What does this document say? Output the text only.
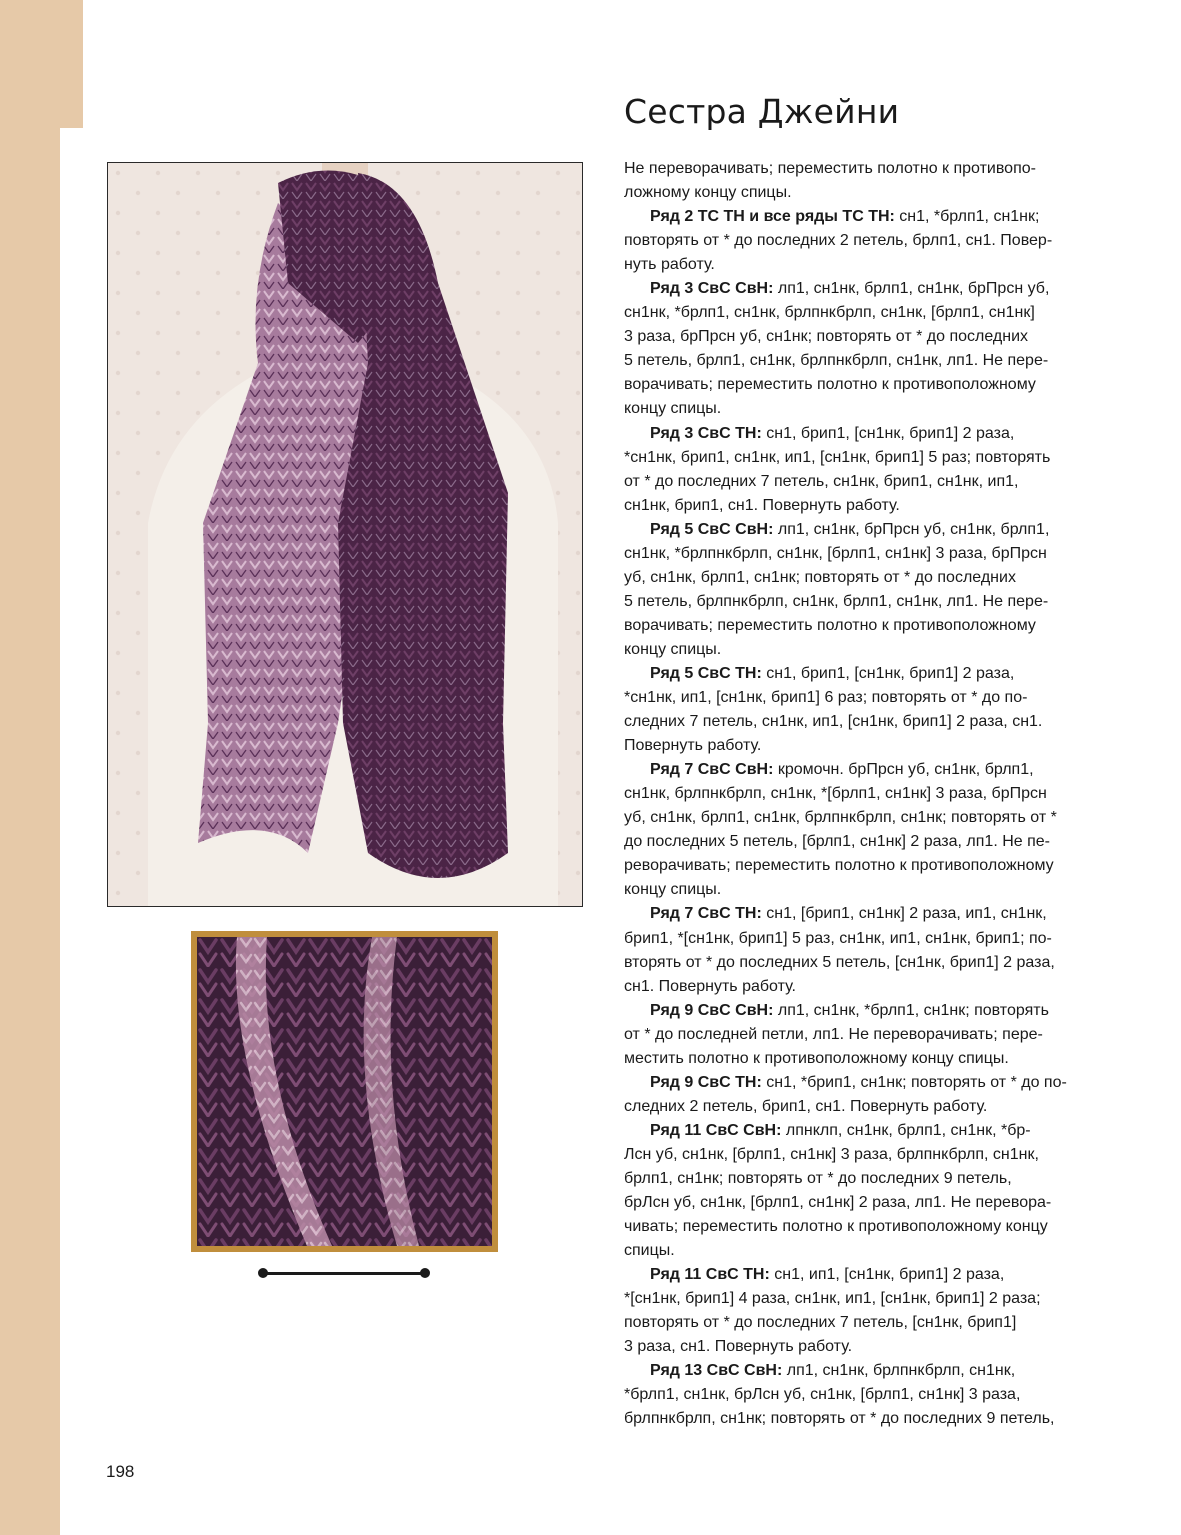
Сестра Джейни
Не переворачивать; переместить полотно к противопо-
ложному концу спицы.
Ряд 2 ТС ТН и все ряды ТС ТН: сн1, *брлп1, сн1нк;
повторять от * до последних 2 петель, брлп1, сн1. Повер-
нуть работу.
Ряд 3 СвС СвН: лп1, сн1нк, брлп1, сн1нк, брПрсн уб,
сн1нк, *брлп1, сн1нк, брлпнкбрлп, сн1нк, [брлп1, сн1нк]
3 раза, брПрсн уб, сн1нк; повторять от * до последних
5 петель, брлп1, сн1нк, брлпнкбрлп, сн1нк, лп1. Не пере-
ворачивать; переместить полотно к противоположному
концу спицы.
Ряд 3 СвС ТН: сн1, брип1, [сн1нк, брип1] 2 раза,
*сн1нк, брип1, сн1нк, ип1, [сн1нк, брип1] 5 раз; повторять
от * до последних 7 петель, сн1нк, брип1, сн1нк, ип1,
сн1нк, брип1, сн1. Повернуть работу.
Ряд 5 СвС СвН: лп1, сн1нк, брПрсн уб, сн1нк, брлп1,
сн1нк, *брлпнкбрлп, сн1нк, [брлп1, сн1нк] 3 раза, брПрсн
уб, сн1нк, брлп1, сн1нк; повторять от * до последних
5 петель, брлпнкбрлп, сн1нк, брлп1, сн1нк, лп1. Не пере-
ворачивать; переместить полотно к противоположному
концу спицы.
Ряд 5 СвС ТН: сн1, брип1, [сн1нк, брип1] 2 раза,
*сн1нк, ип1, [сн1нк, брип1] 6 раз; повторять от * до по-
следних 7 петель, сн1нк, ип1, [сн1нк, брип1] 2 раза, сн1.
Повернуть работу.
Ряд 7 СвС СвН: кромочн. брПрсн уб, сн1нк, брлп1,
сн1нк, брлпнкбрлп, сн1нк, *[брлп1, сн1нк] 3 раза, брПрсн
уб, сн1нк, брлп1, сн1нк, брлпнкбрлп, сн1нк; повторять от *
до последних 5 петель, [брлп1, сн1нк] 2 раза, лп1. Не пе-
реворачивать; переместить полотно к противоположному
концу спицы.
Ряд 7 СвС ТН: сн1, [брип1, сн1нк] 2 раза, ип1, сн1нк,
брип1, *[сн1нк, брип1] 5 раз, сн1нк, ип1, сн1нк, брип1; по-
вторять от * до последних 5 петель, [сн1нк, брип1] 2 раза,
сн1. Повернуть работу.
Ряд 9 СвС СвН: лп1, сн1нк, *брлп1, сн1нк; повторять
от * до последней петли, лп1. Не переворачивать; пере-
местить полотно к противоположному концу спицы.
Ряд 9 СвС ТН: сн1, *брип1, сн1нк; повторять от * до по-
следних 2 петель, брип1, сн1. Повернуть работу.
Ряд 11 СвС СвН: лпнклп, сн1нк, брлп1, сн1нк, *бр-
Лсн уб, сн1нк, [брлп1, сн1нк] 3 раза, брлпнкбрлп, сн1нк,
брлп1, сн1нк; повторять от * до последних 9 петель,
брЛсн уб, сн1нк, [брлп1, сн1нк] 2 раза, лп1. Не перевора-
чивать; переместить полотно к противоположному концу
спицы.
Ряд 11 СвС ТН: сн1, ип1, [сн1нк, брип1] 2 раза,
*[сн1нк, брип1] 4 раза, сн1нк, ип1, [сн1нк, брип1] 2 раза;
повторять от * до последних 7 петель, [сн1нк, брип1]
3 раза, сн1. Повернуть работу.
Ряд 13 СвС СвН: лп1, сн1нк, брлпнкбрлп, сн1нк,
*брлп1, сн1нк, брЛсн уб, сн1нк, [брлп1, сн1нк] 3 раза,
брлпнкбрлп, сн1нк; повторять от * до последних 9 петель,
198
